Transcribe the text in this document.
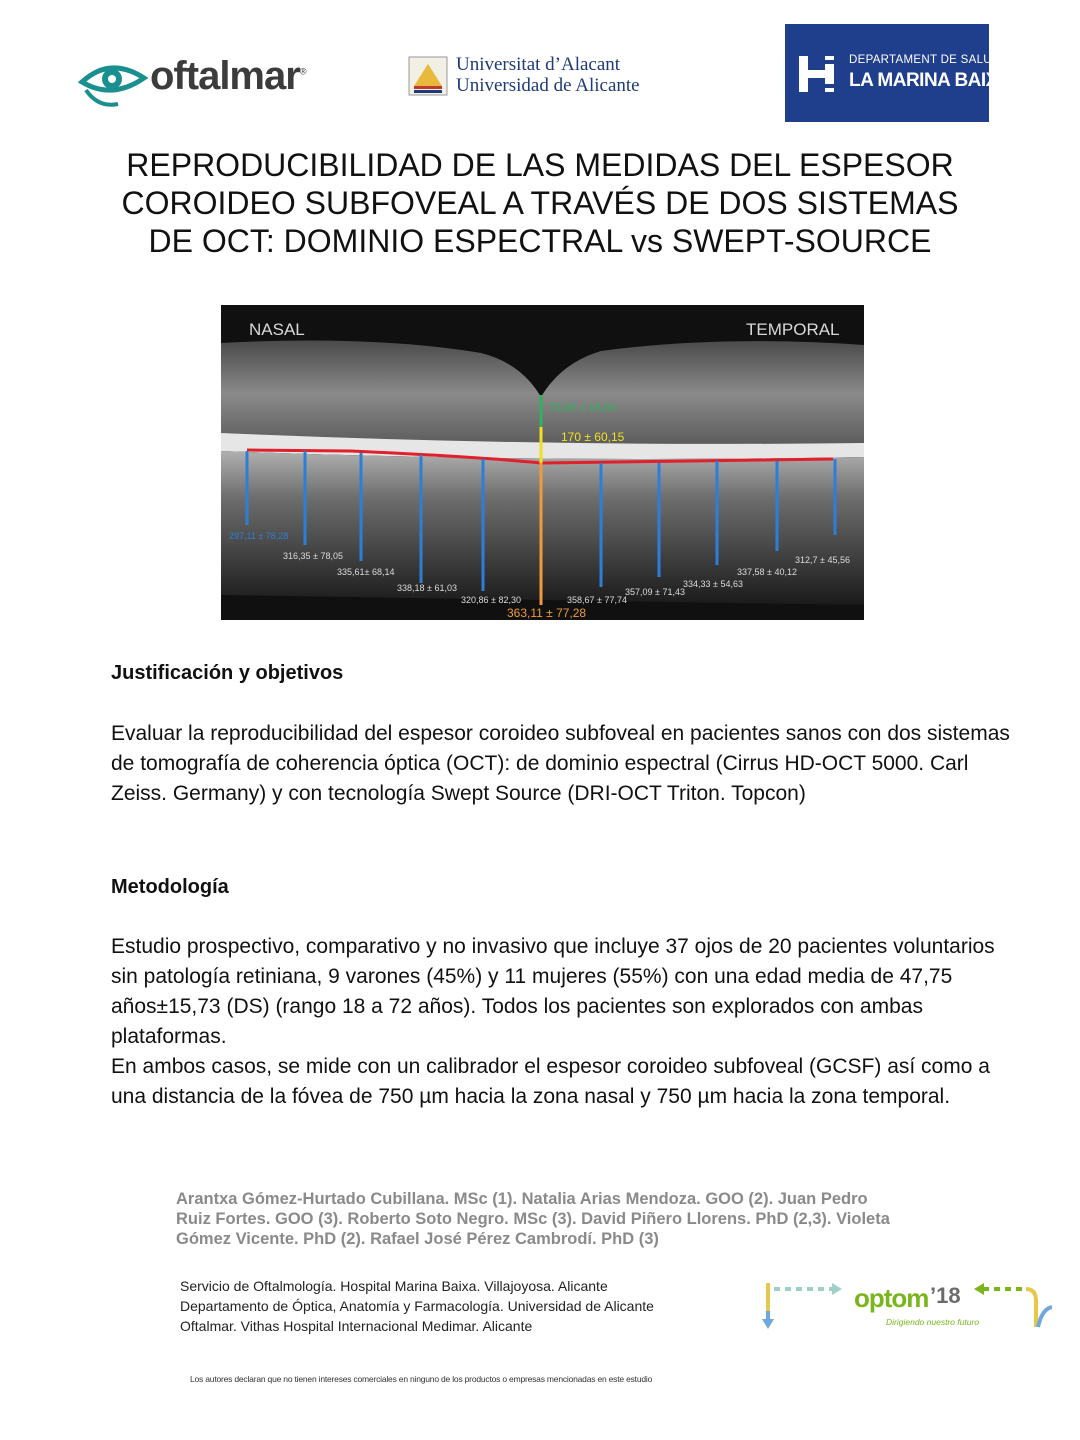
oftalmar®	Universitat d’Alacant
Universidad de Alicante
DEPARTAMENT DE SALUT DE
LA MARINA BAIXA
REPRODUCIBILIDAD DE LAS MEDIDAS DEL ESPESOR
COROIDEO SUBFOVEAL A TRAVÉS DE DOS SISTEMAS
DE OCT: DOMINIO ESPECTRAL vs SWEPT-SOURCE
NASAL	TEMPORAL
72,65 ± 18,84
170 ± 60,15
363,11 ± 77,28
297,11 ± 78,28
316,35 ± 78,05
335,61± 68,14
338,18 ± 61,03
320,86 ± 82,30	358,67 ± 77,74
357,09 ± 71,43
334,33 ± 54,63
337,58 ± 40,12
312,7 ± 45,56
Justificación y objetivos
Evaluar la reproducibilidad del espesor coroideo subfoveal en pacientes sanos con dos sistemas de tomografía de coherencia óptica (OCT): de dominio espectral (Cirrus HD-OCT 5000. Carl Zeiss. Germany) y con tecnología Swept Source (DRI-OCT Triton. Topcon)
Metodología
Estudio prospectivo, comparativo y no invasivo que incluye 37 ojos de 20 pacientes voluntarios sin patología retiniana, 9 varones (45%) y 11 mujeres (55%) con una edad media de 47,75 años±15,73 (DS) (rango 18 a 72 años). Todos los pacientes son explorados con ambas plataformas.
En ambos casos, se mide con un calibrador el espesor coroideo subfoveal (GCSF) así como a una distancia de la fóvea de 750 µm hacia la zona nasal y 750 µm hacia la zona temporal.
Arantxa Gómez-Hurtado Cubillana. MSc (1). Natalia Arias Mendoza. GOO (2). Juan Pedro Ruiz Fortes. GOO (3). Roberto Soto Negro. MSc (3). David Piñero Llorens. PhD (2,3). Violeta Gómez Vicente. PhD (2). Rafael José Pérez Cambrodí. PhD (3)
Servicio de Oftalmología. Hospital Marina Baixa. Villajoyosa. Alicante
Departamento de Óptica, Anatomía y Farmacología. Universidad de Alicante
Oftalmar. Vithas Hospital Internacional Medimar. Alicante
optom ’18
Dirigiendo nuestro futuro
Los autores declaran que no tienen intereses comerciales en ninguno de los productos o empresas mencionadas en este estudio
